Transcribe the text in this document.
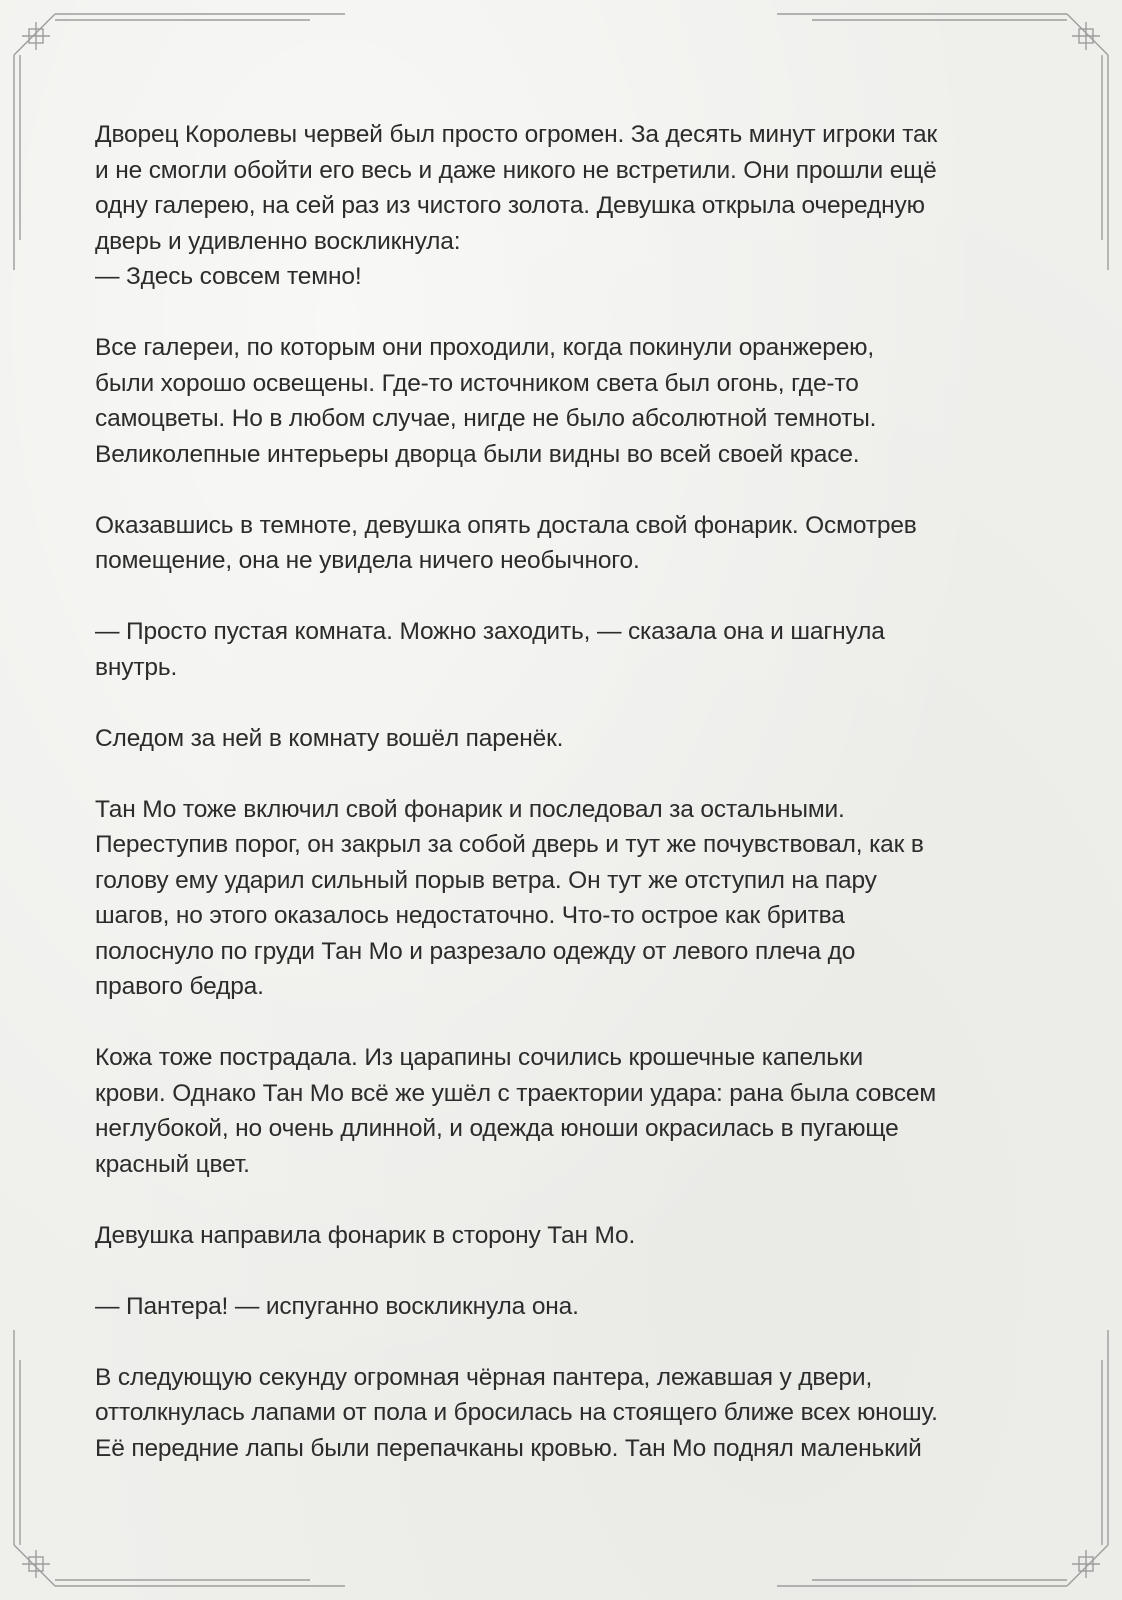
Дворец Королевы червей был просто огромен. За десять минут игроки так
и не смогли обойти его весь и даже никого не встретили. Они прошли ещё
одну галерею, на сей раз из чистого золота. Девушка открыла очередную
дверь и удивленно воскликнула:
— Здесь совсем темно!

Все галереи, по которым они проходили, когда покинули оранжерею,
были хорошо освещены. Где-то источником света был огонь, где-то
самоцветы. Но в любом случае, нигде не было абсолютной темноты.
Великолепные интерьеры дворца были видны во всей своей красе.

Оказавшись в темноте, девушка опять достала свой фонарик. Осмотрев
помещение, она не увидела ничего необычного.

— Просто пустая комната. Можно заходить, — сказала она и шагнула
внутрь.

Следом за ней в комнату вошёл паренёк.

Тан Мо тоже включил свой фонарик и последовал за остальными.
Переступив порог, он закрыл за собой дверь и тут же почувствовал, как в
голову ему ударил сильный порыв ветра. Он тут же отступил на пару
шагов, но этого оказалось недостаточно. Что-то острое как бритва
полоснуло по груди Тан Мо и разрезало одежду от левого плеча до
правого бедра.

Кожа тоже пострадала. Из царапины сочились крошечные капельки
крови. Однако Тан Мо всё же ушёл с траектории удара: рана была совсем
неглубокой, но очень длинной, и одежда юноши окрасилась в пугающе
красный цвет.

Девушка направила фонарик в сторону Тан Мо.

— Пантера! — испуганно воскликнула она.

В следующую секунду огромная чёрная пантера, лежавшая у двери,
оттолкнулась лапами от пола и бросилась на стоящего ближе всех юношу.
Её передние лапы были перепачканы кровью. Тан Мо поднял маленький
